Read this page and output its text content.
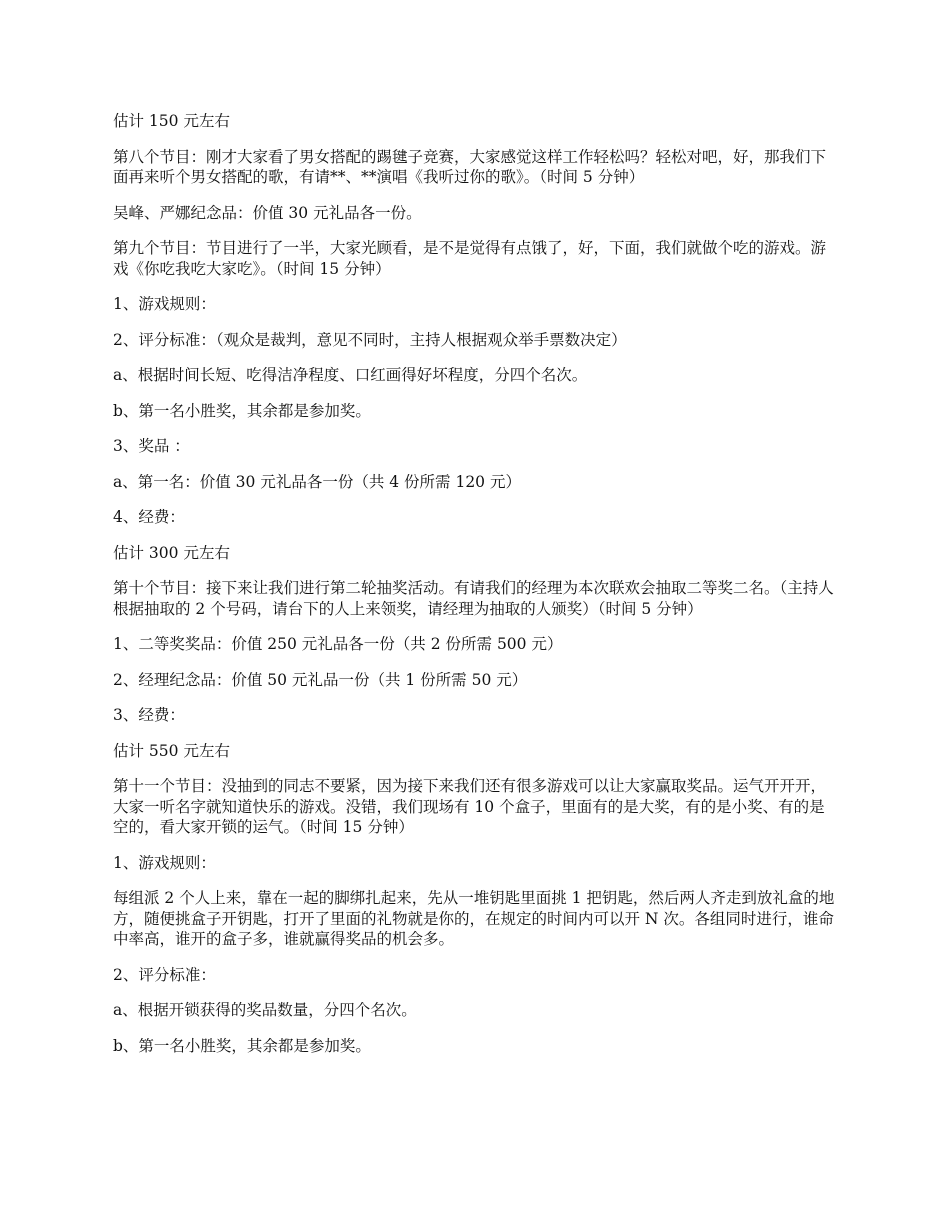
估计 150 元左右

第八个节目：刚才大家看了男女搭配的踢毽子竞赛，大家感觉这样工作轻松吗？轻松对吧，好，那我们下面再来听个男女搭配的歌，有请**、**演唱《我听过你的歌》。（时间 5 分钟）

吴峰、严娜纪念品：价值 30 元礼品各一份。

第九个节目：节目进行了一半，大家光顾看，是不是觉得有点饿了，好，下面，我们就做个吃的游戏。游戏《你吃我吃大家吃》。（时间 15 分钟）

1、游戏规则：

2、评分标准：（观众是裁判，意见不同时，主持人根据观众举手票数决定）

a、根据时间长短、吃得洁净程度、口红画得好坏程度，分四个名次。

b、第一名小胜奖，其余都是参加奖。

3、奖品 ：

a、第一名：价值 30 元礼品各一份（共 4 份所需 120 元）

4、经费：

估计 300 元左右

第十个节目：接下来让我们进行第二轮抽奖活动。有请我们的经理为本次联欢会抽取二等奖二名。（主持人根据抽取的 2 个号码，请台下的人上来领奖，请经理为抽取的人颁奖）（时间 5 分钟）

1、二等奖奖品：价值 250 元礼品各一份（共 2 份所需 500 元）

2、经理纪念品：价值 50 元礼品一份（共 1 份所需 50 元）

3、经费：

估计 550 元左右

第十一个节目：没抽到的同志不要紧，因为接下来我们还有很多游戏可以让大家赢取奖品。运气开开开，大家一听名字就知道快乐的游戏。没错，我们现场有 10 个盒子，里面有的是大奖，有的是小奖、有的是空的，看大家开锁的运气。（时间 15 分钟）

1、游戏规则：

每组派 2 个人上来，靠在一起的脚绑扎起来，先从一堆钥匙里面挑 1 把钥匙，然后两人齐走到放礼盒的地方，随便挑盒子开钥匙，打开了里面的礼物就是你的，在规定的时间内可以开 N 次。各组同时进行，谁命中率高，谁开的盒子多，谁就赢得奖品的机会多。

2、评分标准：

a、根据开锁获得的奖品数量，分四个名次。

b、第一名小胜奖，其余都是参加奖。
